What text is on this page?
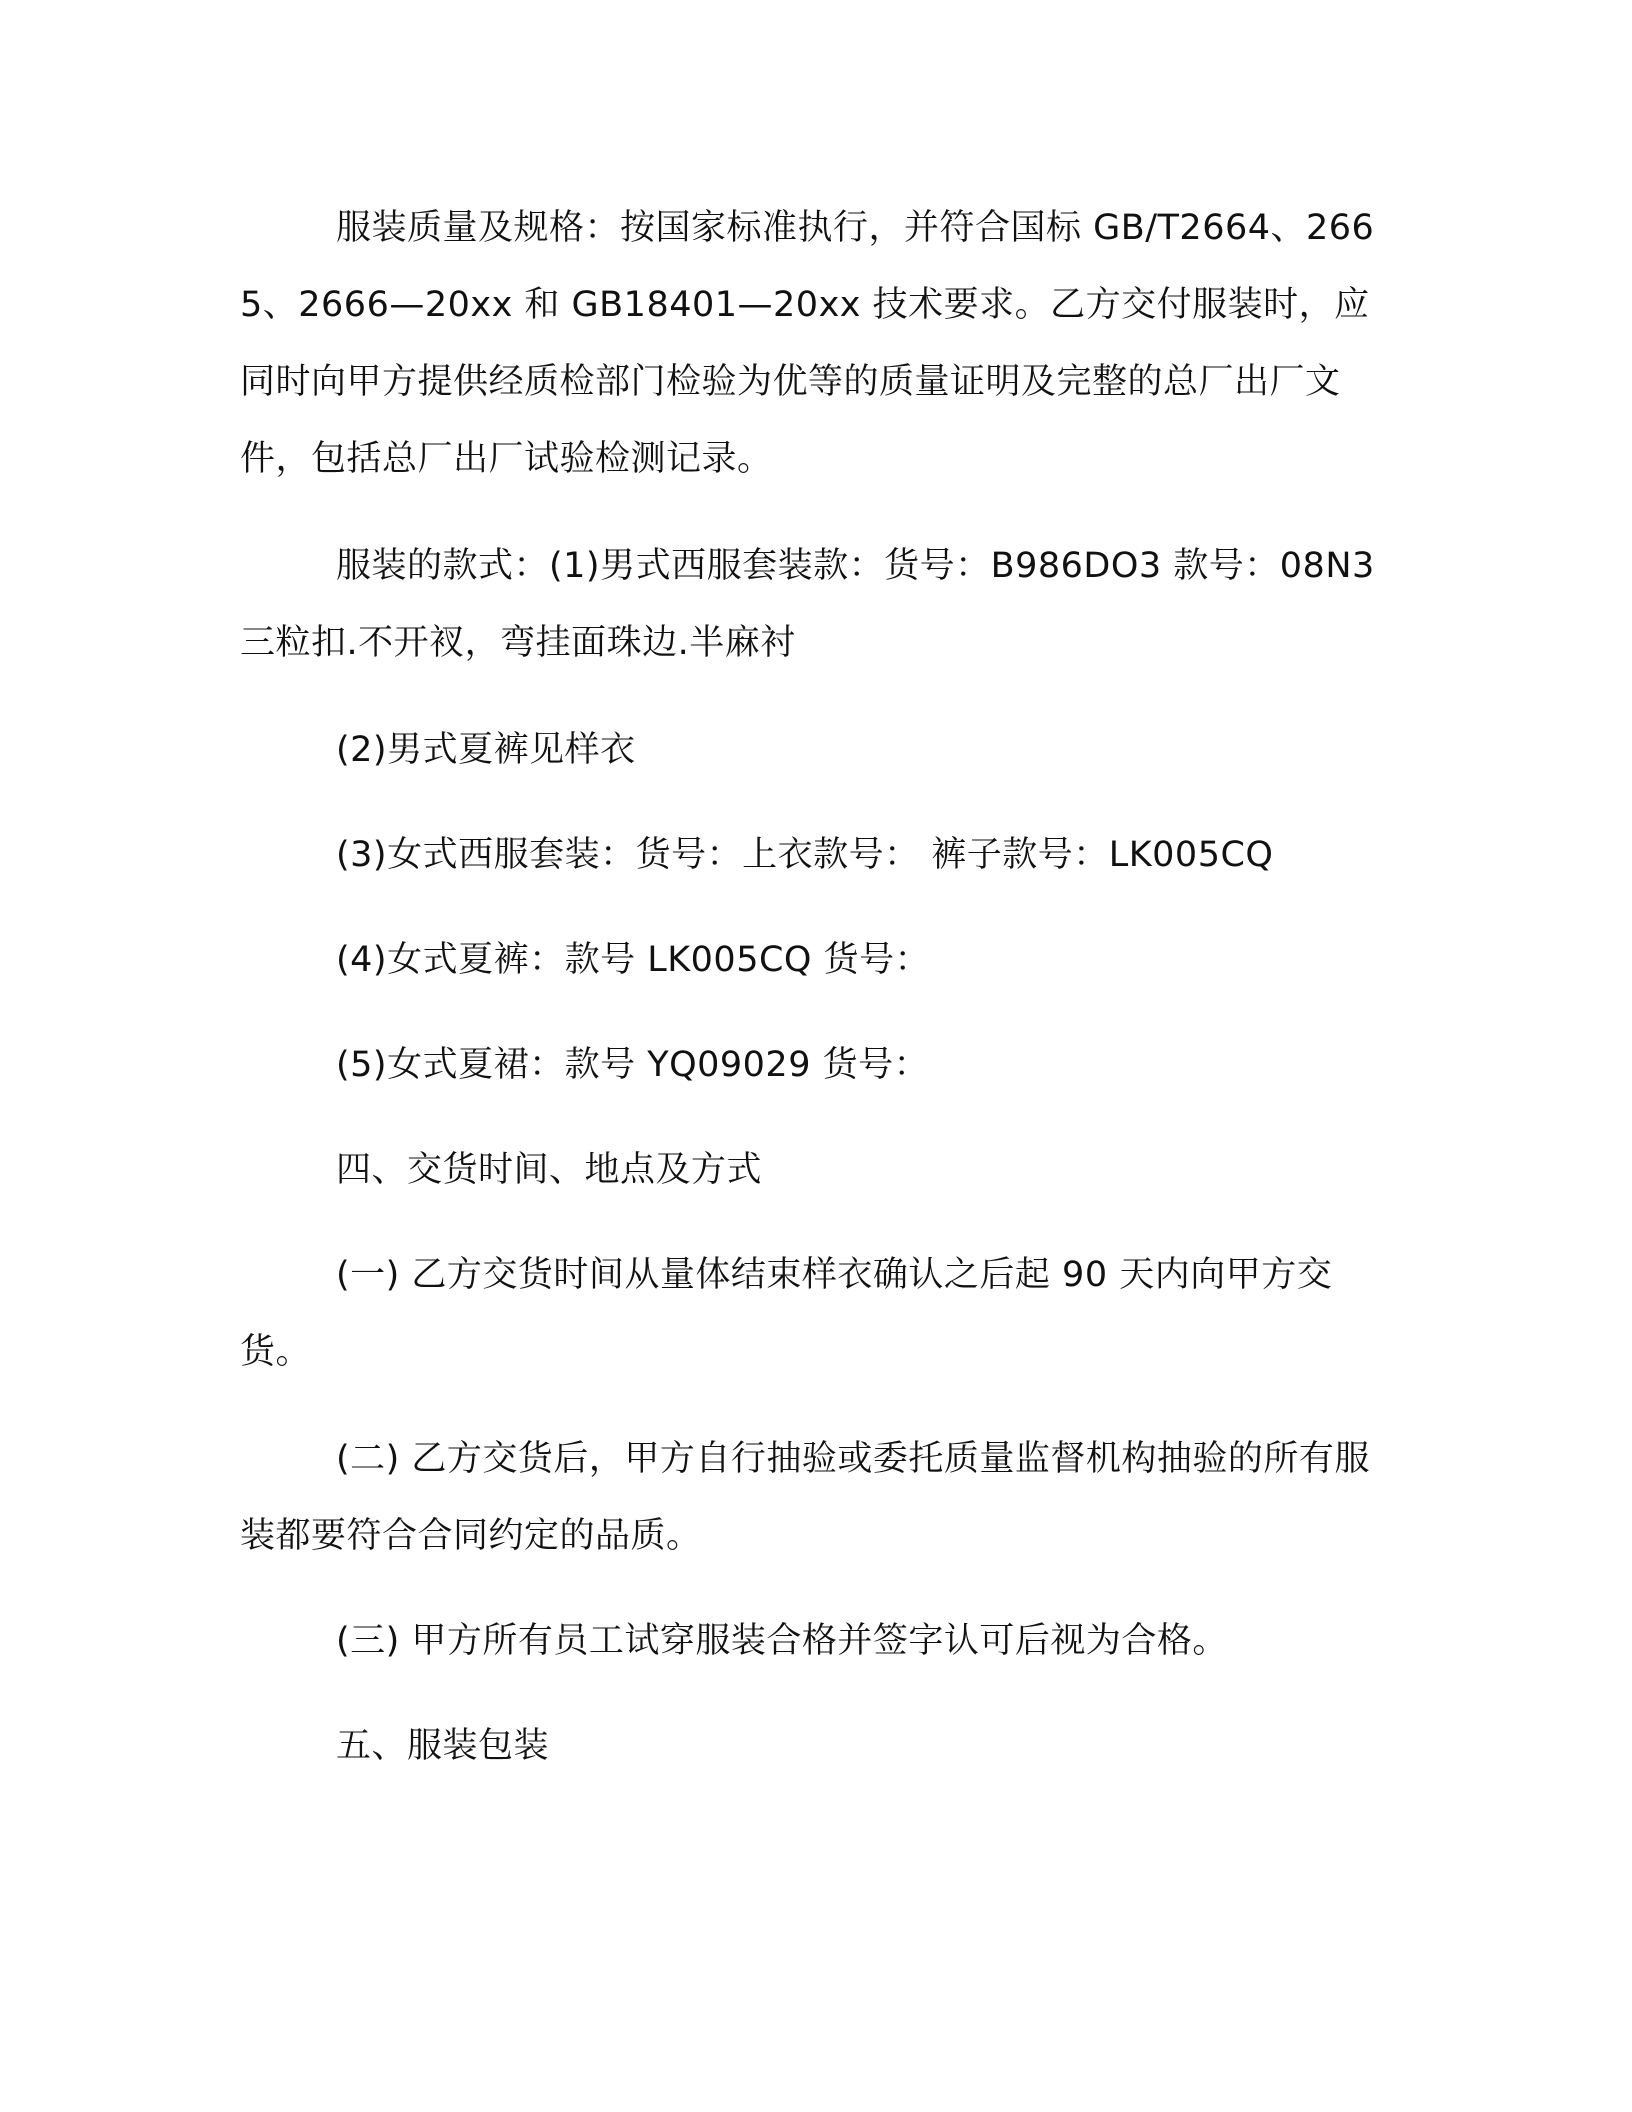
服装质量及规格：按国家标准执行，并符合国标 GB/T2664、2665、2666—20xx 和 GB18401—20xx 技术要求。乙方交付服装时，应同时向甲方提供经质检部门检验为优等的质量证明及完整的总厂出厂文件，包括总厂出厂试验检测记录。

服装的款式：(1)男式西服套装款：货号：B986DO3 款号：08N3 三粒扣.不开衩，弯挂面珠边.半麻衬

(2)男式夏裤见样衣

(3)女式西服套装：货号：上衣款号： 裤子款号：LK005CQ

(4)女式夏裤：款号 LK005CQ 货号：

(5)女式夏裙：款号 YQ09029 货号：

四、交货时间、地点及方式

(一) 乙方交货时间从量体结束样衣确认之后起 90 天内向甲方交货。

(二) 乙方交货后，甲方自行抽验或委托质量监督机构抽验的所有服装都要符合合同约定的品质。

(三) 甲方所有员工试穿服装合格并签字认可后视为合格。

五、服装包装
